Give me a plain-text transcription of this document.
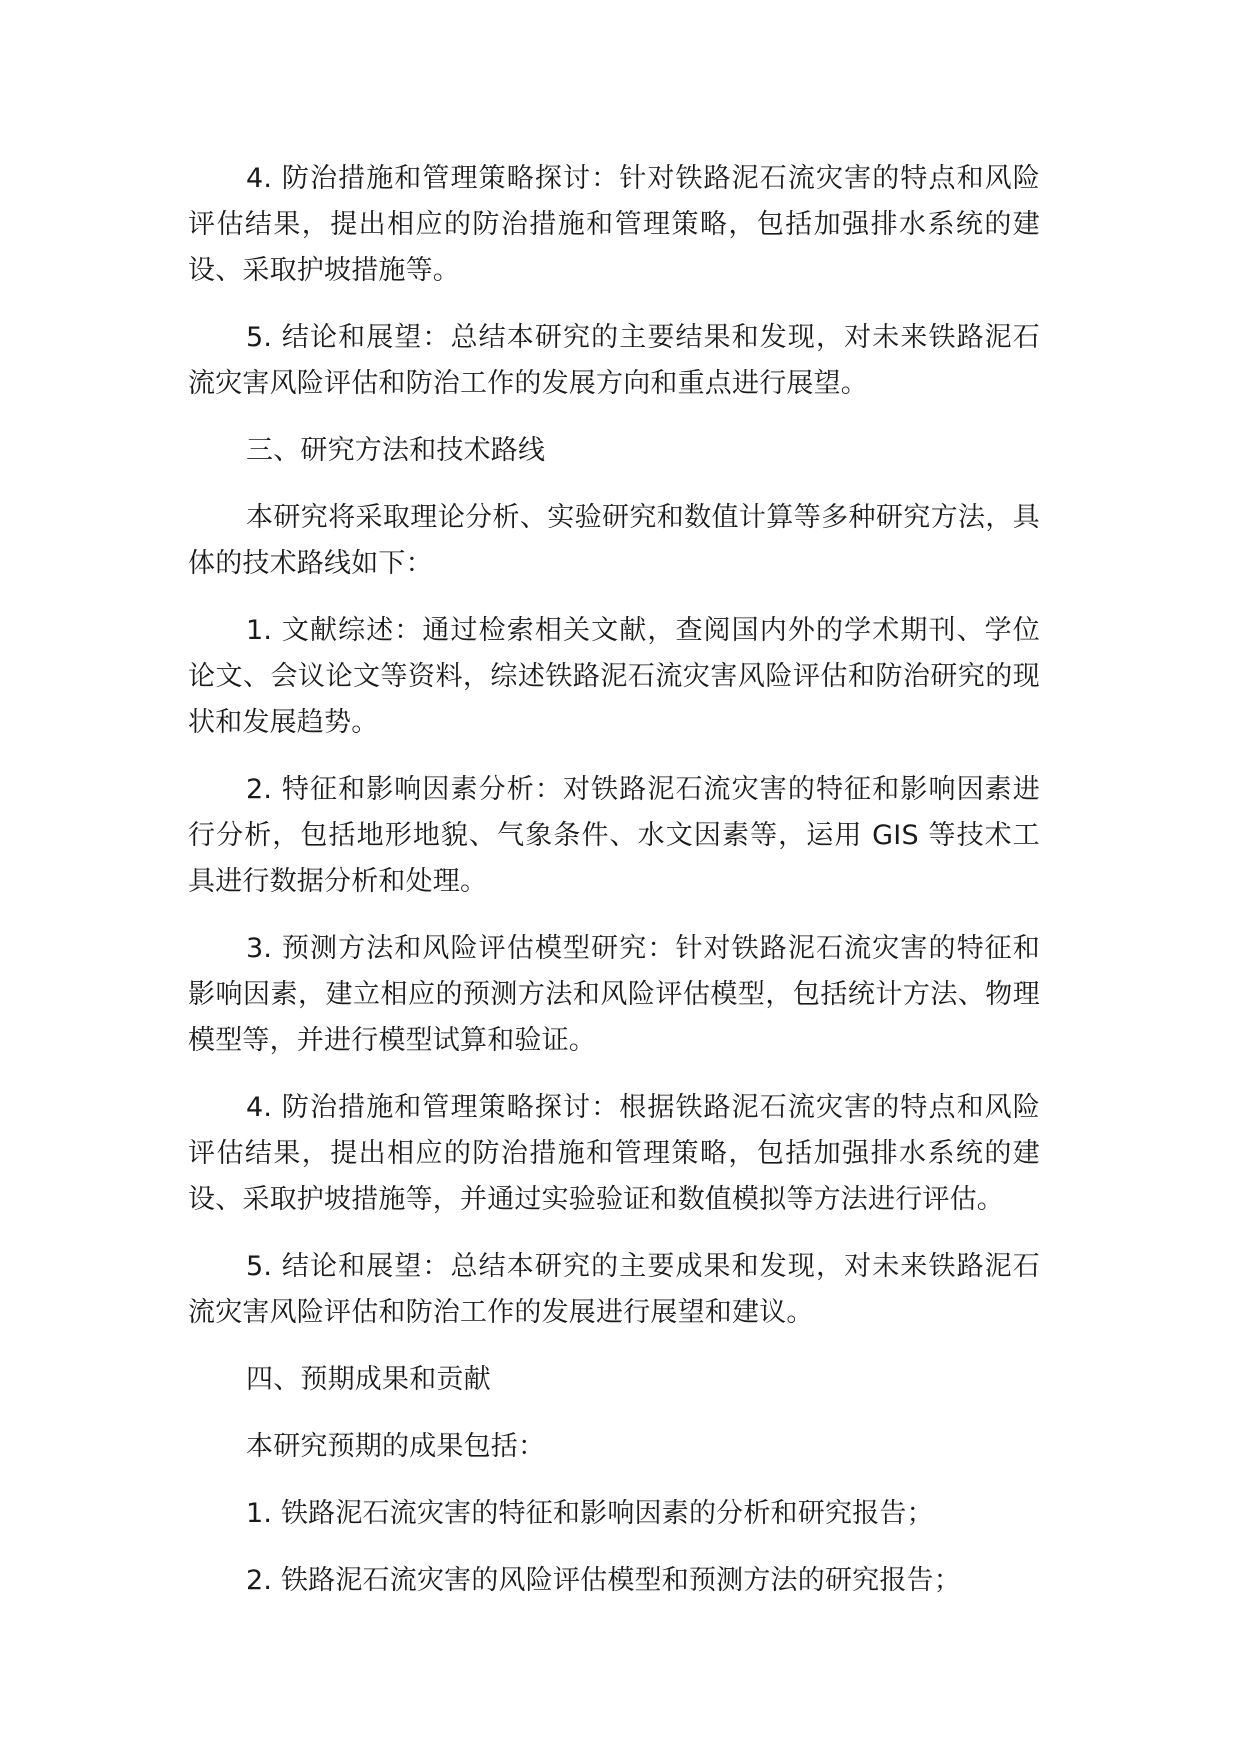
4. 防治措施和管理策略探讨：针对铁路泥石流灾害的特点和风险评估结果，提出相应的防治措施和管理策略，包括加强排水系统的建设、采取护坡措施等。

5. 结论和展望：总结本研究的主要结果和发现，对未来铁路泥石流灾害风险评估和防治工作的发展方向和重点进行展望。

三、研究方法和技术路线

本研究将采取理论分析、实验研究和数值计算等多种研究方法，具体的技术路线如下：

1. 文献综述：通过检索相关文献，查阅国内外的学术期刊、学位论文、会议论文等资料，综述铁路泥石流灾害风险评估和防治研究的现状和发展趋势。

2. 特征和影响因素分析：对铁路泥石流灾害的特征和影响因素进行分析，包括地形地貌、气象条件、水文因素等，运用 GIS 等技术工具进行数据分析和处理。

3. 预测方法和风险评估模型研究：针对铁路泥石流灾害的特征和影响因素，建立相应的预测方法和风险评估模型，包括统计方法、物理模型等，并进行模型试算和验证。

4. 防治措施和管理策略探讨：根据铁路泥石流灾害的特点和风险评估结果，提出相应的防治措施和管理策略，包括加强排水系统的建设、采取护坡措施等，并通过实验验证和数值模拟等方法进行评估。

5. 结论和展望：总结本研究的主要成果和发现，对未来铁路泥石流灾害风险评估和防治工作的发展进行展望和建议。

四、预期成果和贡献

本研究预期的成果包括：

1. 铁路泥石流灾害的特征和影响因素的分析和研究报告；

2. 铁路泥石流灾害的风险评估模型和预测方法的研究报告；
